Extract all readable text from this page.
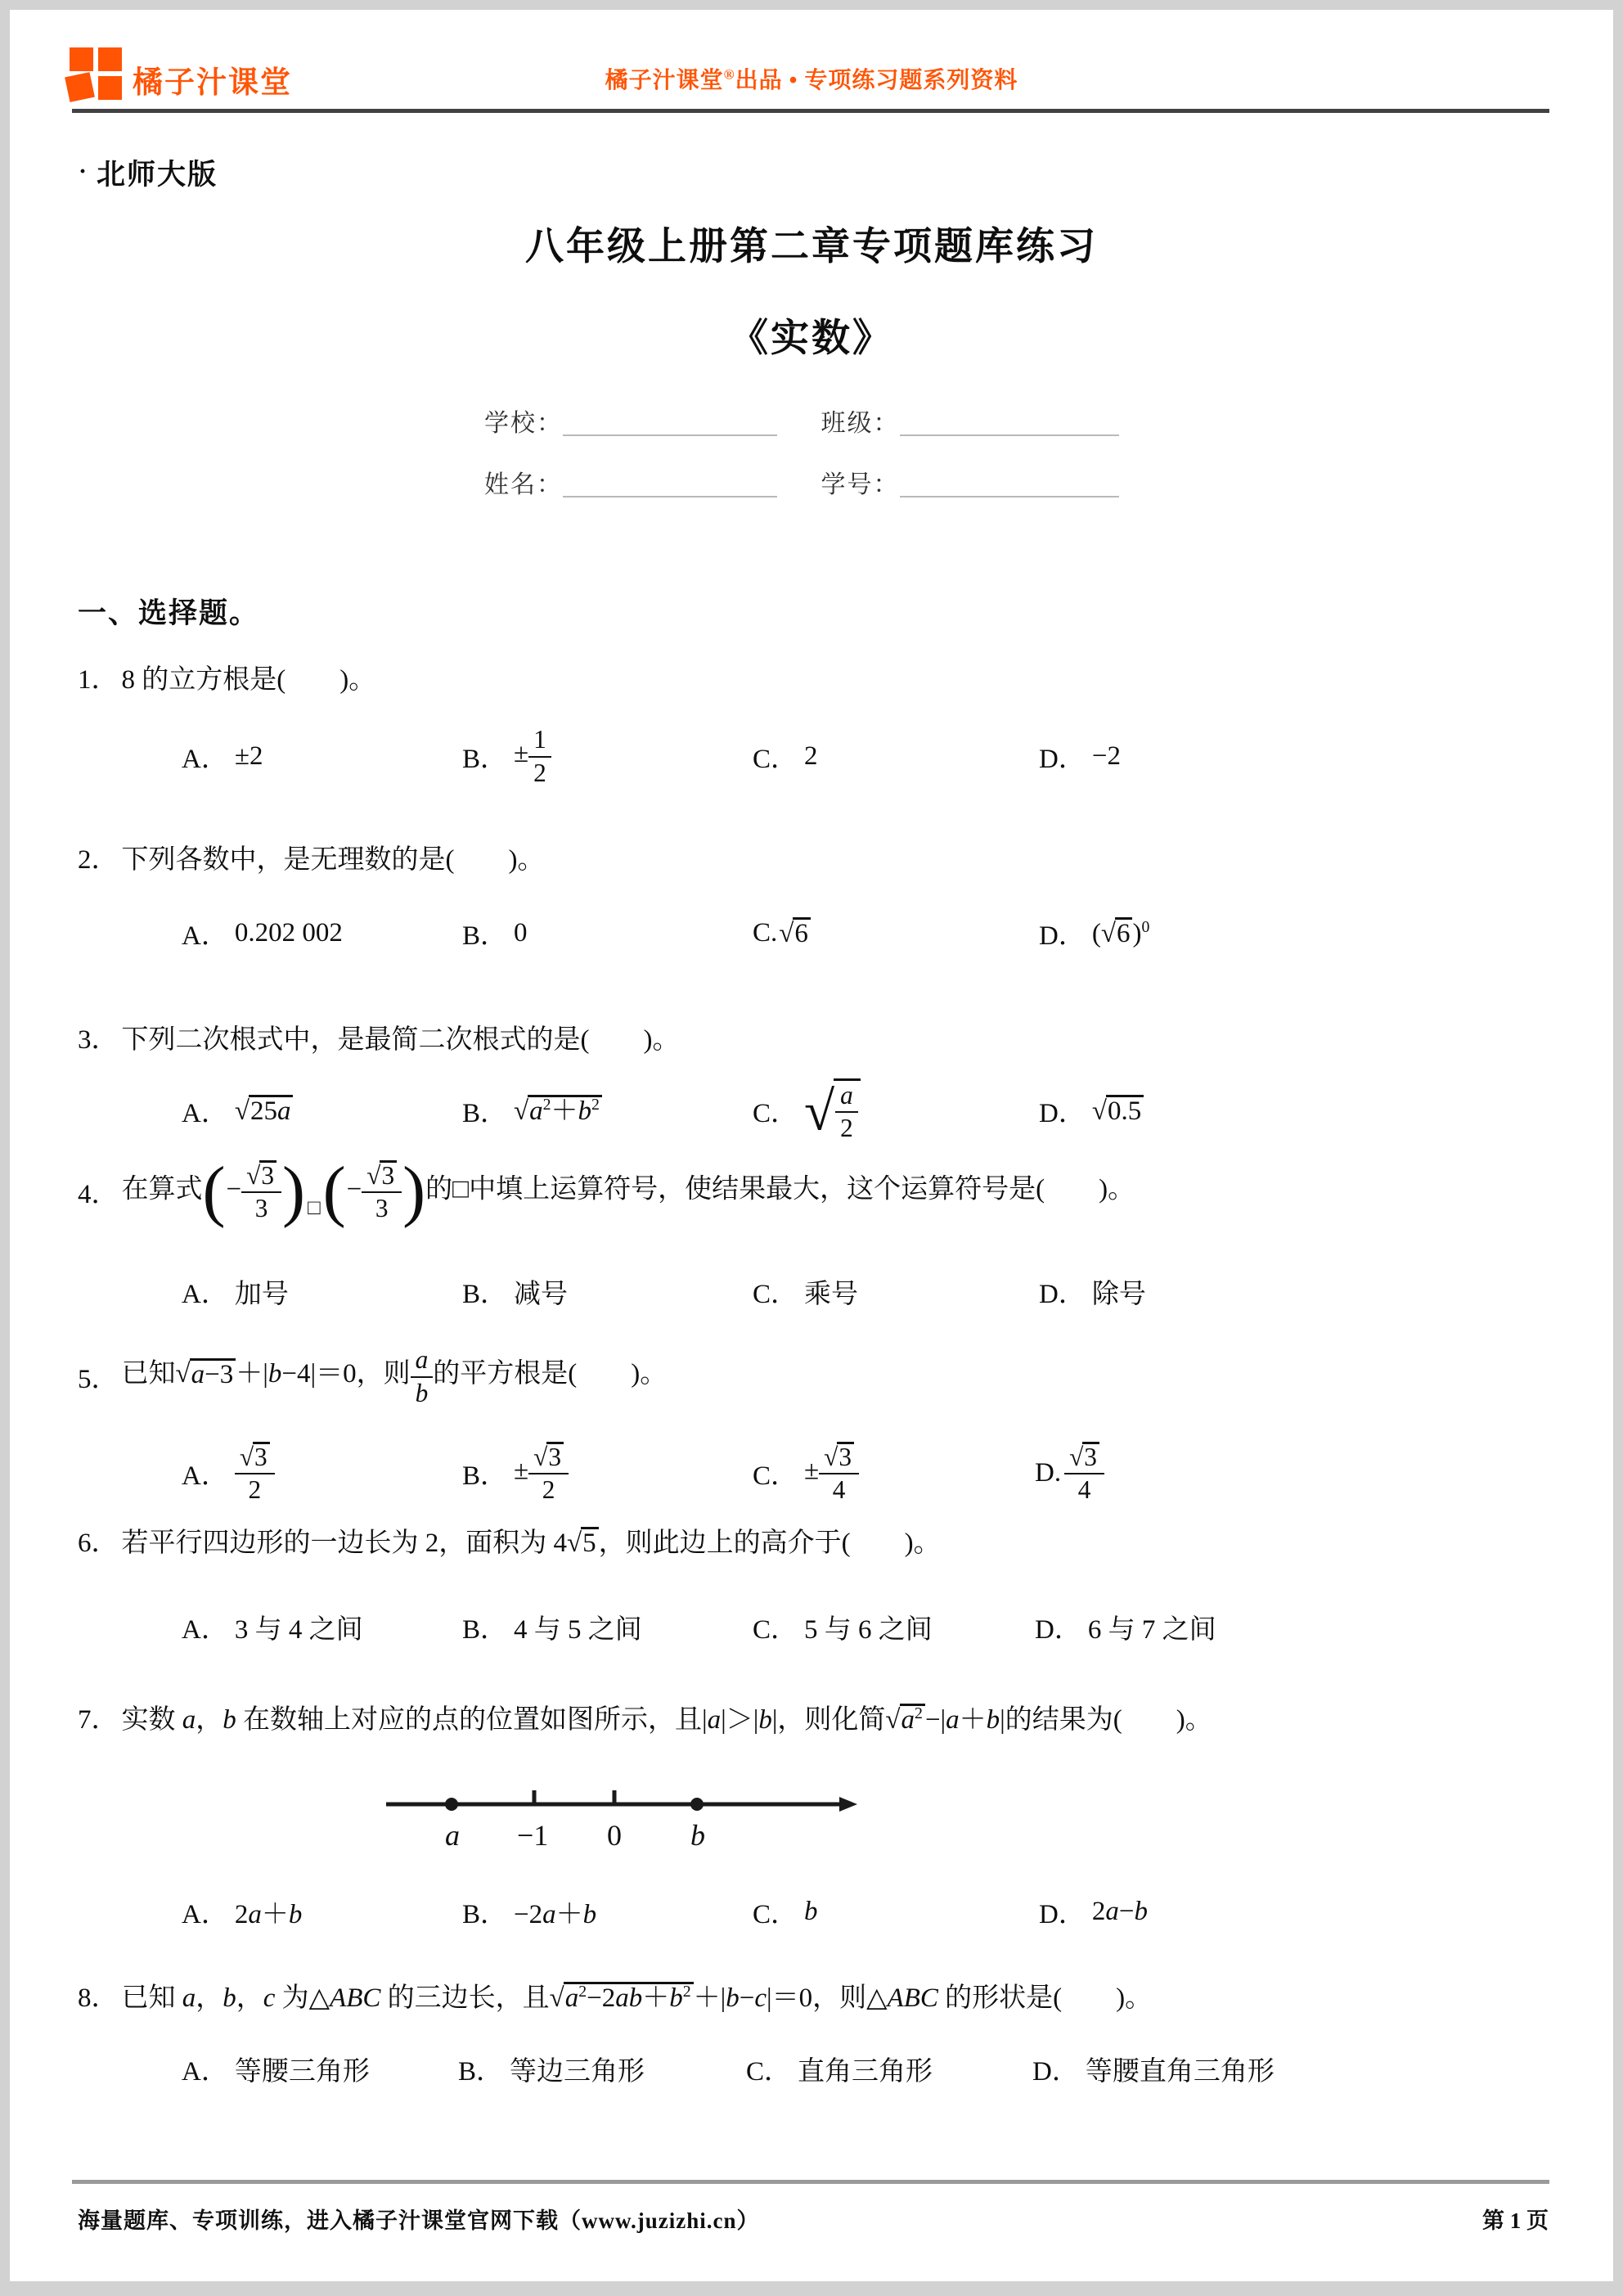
橘子汁课堂	橘子汁课堂®出品 • 专项练习题系列资料
· 北师大版
八年级上册第二章专项题库练习
《实数》
学校：	班级：
姓名：	学号：
一、选择题。
1． 8 的立方根是(　　)。
A． ±2	B． ± $\frac{1}{2}$	C． 2	D． −2
2． 下列各数中，是无理数的是(　　)。
A． 0.202 002	B． 0	C. √6	D． $(√6)^0$
3． 下列二次根式中，是最简二次根式的是(　　)。
A． √25a	B． $√a^2+b^2$	C． √ $\frac{a}{2}$	D． √0.5
4． 在算式(− $\frac{√3}{3}$ ) □(− $\frac{√3}{3}$ )的□中填上运算符号，使结果最大，这个运算符号是(　　)。
A． 加号	B． 减号	C． 乘号	D． 除号
5． 已知√a−3＋|b−4|＝0，则 $\frac{a}{b}$ 的平方根是(　　)。
A． $\frac{√3}{2}$	B． ± $\frac{√3}{2}$	C． ± $\frac{√3}{4}$	D. $\frac{√3}{4}$
6． 若平行四边形的一边长为 2，面积为 4√5，则此边上的高介于(　　)。
A． 3 与 4 之间	B． 4 与 5 之间	C． 5 与 6 之间	D． 6 与 7 之间
7． 实数 a，b 在数轴上对应的点的位置如图所示，且|a|＞|b|，则化简$√a^2-|a+b|$的结果为(　　)。
a −1 0 b
A． 2a＋b	B． −2a＋b	C． b	D． 2a−b
8． 已知 a，b，c 为△ABC 的三边长，且$√a^2-2ab+b^2+|b-c|=0$，则△ABC 的形状是(　　)。
A． 等腰三角形	B． 等边三角形	C． 直角三角形	D． 等腰直角三角形
海量题库、专项训练，进入橘子汁课堂官网下载（www.juzizhi.cn）	第 1 页
